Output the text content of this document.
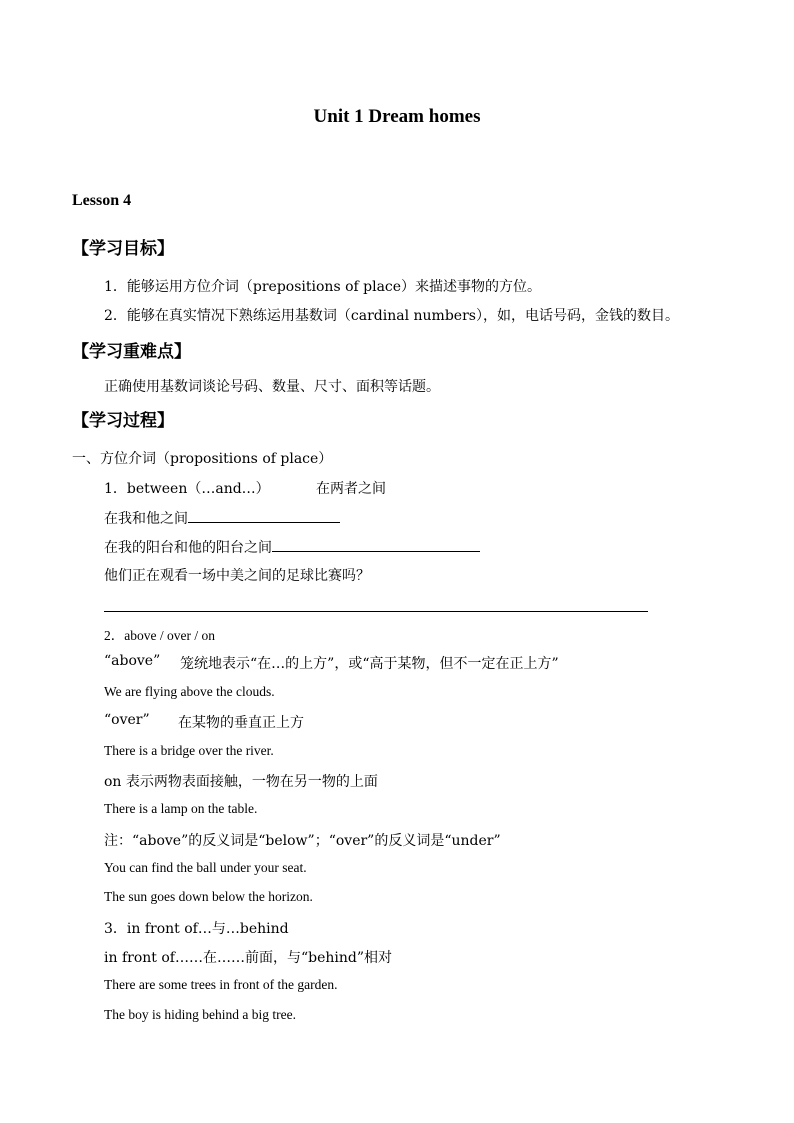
Unit 1 Dream homes
Lesson 4
【学习目标】
1．能够运用方位介词（prepositions of place）来描述事物的方位。
2．能够在真实情况下熟练运用基数词（cardinal numbers），如，电话号码，金钱的数目。
【学习重难点】
正确使用基数词谈论号码、数量、尺寸、面积等话题。
【学习过程】
一、方位介词（propositions of place）
1．between（…and…）	在两者之间
在我和他之间
在我的阳台和他的阳台之间
他们正在观看一场中美之间的足球比赛吗？
2．above / over / on
“above” 笼统地表示“在…的上方”，或“高于某物，但不一定在正上方”
We are flying above the clouds.
“over” 在某物的垂直正上方
There is a bridge over the river.
on 表示两物表面接触，一物在另一物的上面
There is a lamp on the table.
注：“above”的反义词是“below”；“over”的反义词是“under”
You can find the ball under your seat.
The sun goes down below the horizon.
3．in front of…与…behind
in front of……在……前面，与“behind”相对
There are some trees in front of the garden.
The boy is hiding behind a big tree.
